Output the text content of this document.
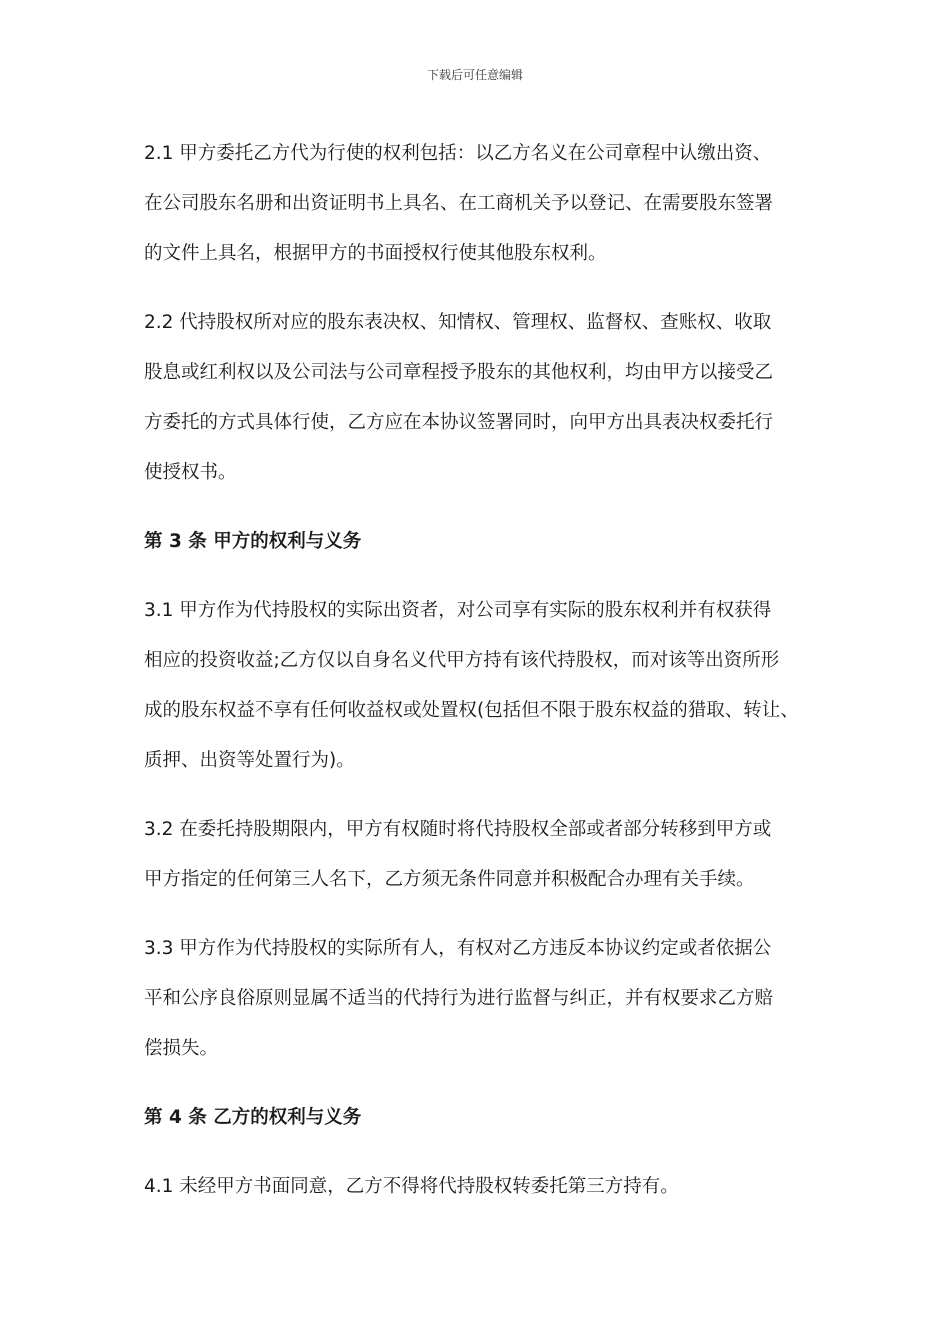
下载后可任意编辑

2.1 甲方委托乙方代为行使的权利包括：以乙方名义在公司章程中认缴出资、
在公司股东名册和出资证明书上具名、在工商机关予以登记、在需要股东签署
的文件上具名，根据甲方的书面授权行使其他股东权利。

2.2 代持股权所对应的股东表决权、知情权、管理权、监督权、查账权、收取
股息或红利权以及公司法与公司章程授予股东的其他权利，均由甲方以接受乙
方委托的方式具体行使，乙方应在本协议签署同时，向甲方出具表决权委托行
使授权书。

第 3 条 甲方的权利与义务

3.1 甲方作为代持股权的实际出资者，对公司享有实际的股东权利并有权获得
相应的投资收益;乙方仅以自身名义代甲方持有该代持股权，而对该等出资所形
成的股东权益不享有任何收益权或处置权(包括但不限于股东权益的猎取、转让、
质押、出资等处置行为)。

3.2 在委托持股期限内，甲方有权随时将代持股权全部或者部分转移到甲方或
甲方指定的任何第三人名下，乙方须无条件同意并积极配合办理有关手续。

3.3 甲方作为代持股权的实际所有人，有权对乙方违反本协议约定或者依据公
平和公序良俗原则显属不适当的代持行为进行监督与纠正，并有权要求乙方赔
偿损失。

第 4 条 乙方的权利与义务

4.1 未经甲方书面同意，乙方不得将代持股权转委托第三方持有。
